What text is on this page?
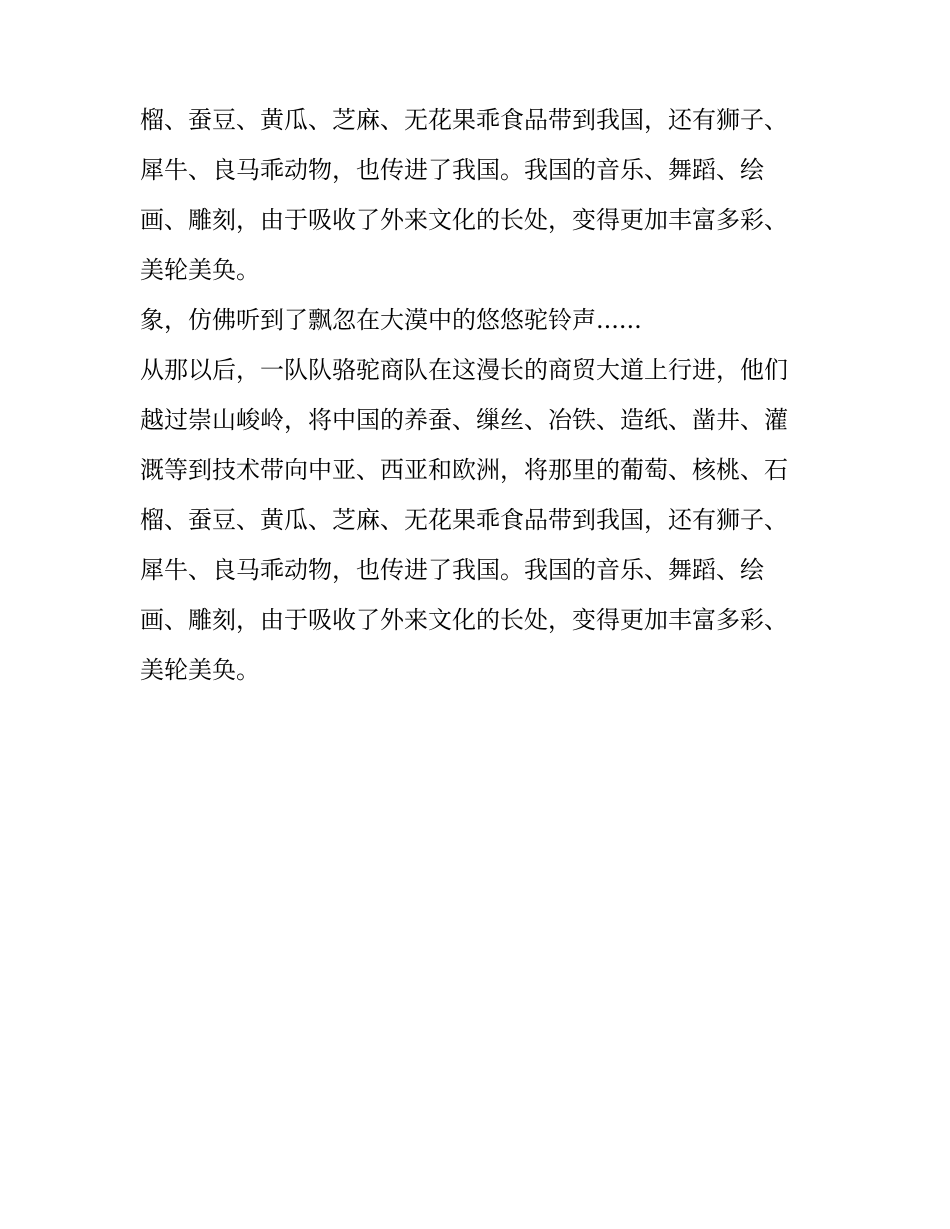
榴、蚕豆、黄瓜、芝麻、无花果乖食品带到我国，还有狮子、

犀牛、良马乖动物，也传进了我国。我国的音乐、舞蹈、绘

画、雕刻，由于吸收了外来文化的长处，变得更加丰富多彩、

美轮美奂。

象，仿佛听到了飘忽在大漠中的悠悠驼铃声......

从那以后，一队队骆驼商队在这漫长的商贸大道上行进，他们

越过崇山峻岭，将中国的养蚕、缫丝、冶铁、造纸、凿井、灌

溉等到技术带向中亚、西亚和欧洲，将那里的葡萄、核桃、石

榴、蚕豆、黄瓜、芝麻、无花果乖食品带到我国，还有狮子、

犀牛、良马乖动物，也传进了我国。我国的音乐、舞蹈、绘

画、雕刻，由于吸收了外来文化的长处，变得更加丰富多彩、

美轮美奂。
